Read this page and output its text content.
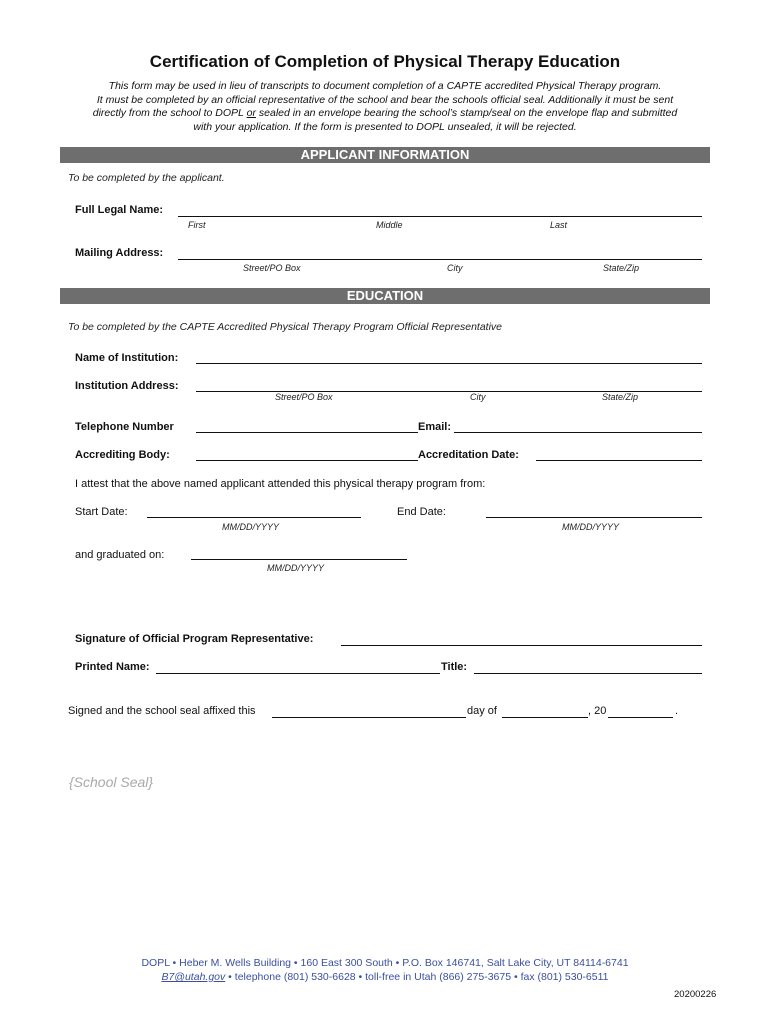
Certification of Completion of Physical Therapy Education
This form may be used in lieu of transcripts to document completion of a CAPTE accredited Physical Therapy program.
It must be completed by an official representative of the school and bear the schools official seal. Additionally it must be sent
directly from the school to DOPL or sealed in an envelope bearing the school’s stamp/seal on the envelope flap and submitted
with your application. If the form is presented to DOPL unsealed, it will be rejected.
APPLICANT INFORMATION
To be completed by the applicant.
Full Legal Name:
First	Middle	Last
Mailing Address:
Street/PO Box	City	State/Zip
EDUCATION
To be completed by the CAPTE Accredited Physical Therapy Program Official Representative
Name of Institution:
Institution Address:
Street/PO Box	City	State/Zip
Telephone Number	Email:
Accrediting Body:	Accreditation Date:
I attest that the above named applicant attended this physical therapy program from:
Start Date:
MM/DD/YYYY
End Date:
MM/DD/YYYY
and graduated on:
MM/DD/YYYY
Signature of Official Program Representative:
Printed Name:	Title:
Signed and the school seal affixed this	day of	, 20	.
{School Seal}
DOPL • Heber M. Wells Building • 160 East 300 South • P.O. Box 146741, Salt Lake City, UT 84114-6741
B7@utah.gov • telephone (801) 530-6628 • toll-free in Utah (866) 275-3675 • fax (801) 530-6511
20200226
